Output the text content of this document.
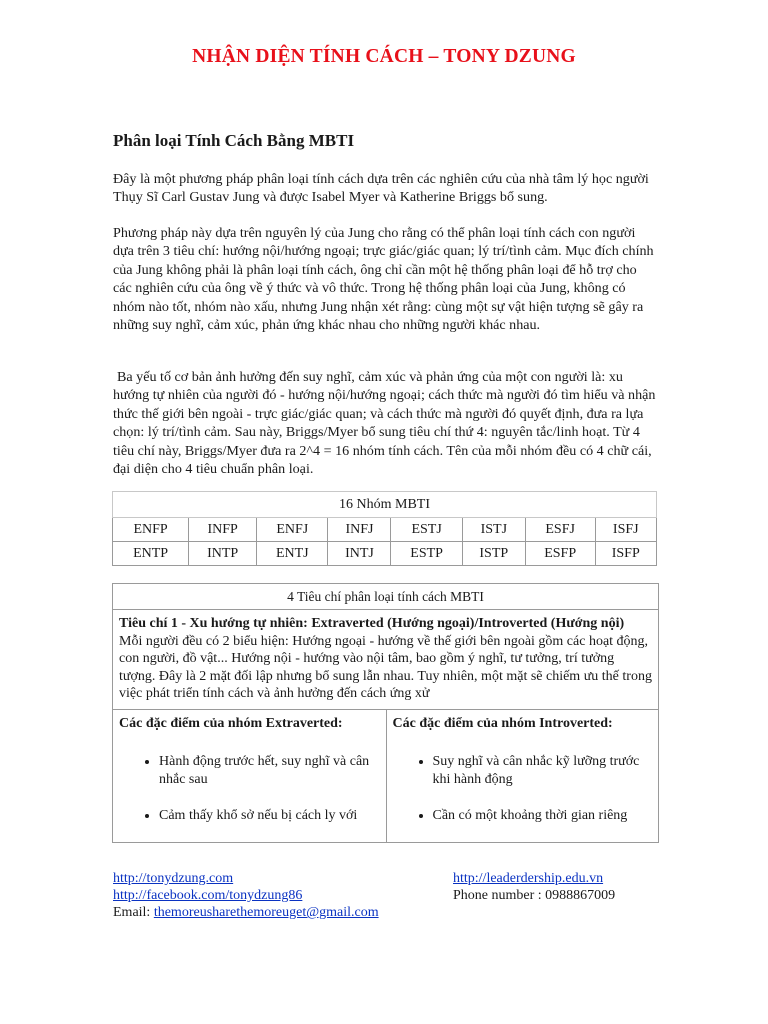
NHẬN DIỆN TÍNH CÁCH – TONY DZUNG
Phân loại Tính Cách Bằng MBTI
Đây là một phương pháp phân loại tính cách dựa trên các nghiên cứu của nhà tâm lý học người Thụy Sĩ Carl Gustav Jung và được Isabel Myer và Katherine Briggs bổ sung.
Phương pháp này dựa trên nguyên lý của Jung cho rằng có thể phân loại tính cách con người dựa trên 3 tiêu chí: hướng nội/hướng ngoại; trực giác/giác quan; lý trí/tình cảm. Mục đích chính của Jung không phải là phân loại tính cách, ông chỉ cần một hệ thống phân loại để hỗ trợ cho các nghiên cứu của ông về ý thức và vô thức. Trong hệ thống phân loại của Jung, không có nhóm nào tốt, nhóm nào xấu, nhưng Jung nhận xét rằng: cùng một sự vật hiện tượng sẽ gây ra những suy nghĩ, cảm xúc, phản ứng khác nhau cho những người khác nhau.
Ba yếu tố cơ bản ảnh hưởng đến suy nghĩ, cảm xúc và phản ứng của một con người là: xu hướng tự nhiên của người đó - hướng nội/hướng ngoại; cách thức mà người đó tìm hiểu và nhận thức thế giới bên ngoài - trực giác/giác quan; và cách thức mà người đó quyết định, đưa ra lựa chọn: lý trí/tình cảm. Sau này, Briggs/Myer bổ sung tiêu chí thứ 4: nguyên tắc/linh hoạt. Từ 4 tiêu chí này, Briggs/Myer đưa ra 2^4 = 16 nhóm tính cách. Tên của mỗi nhóm đều có 4 chữ cái, đại diện cho 4 tiêu chuẩn phân loại.
16 Nhóm MBTI							
ENFP	INFP	ENFJ	INFJ	ESTJ	ISTJ	ESFJ	ISFJ
ENTP	INTP	ENTJ	INTJ	ESTP	ISTP	ESFP	ISFP
4 Tiêu chí phân loại tính cách MBTI
Tiêu chí 1 - Xu hướng tự nhiên: Extraverted (Hướng ngoại)/Introverted (Hướng nội)
Mỗi người đều có 2 biểu hiện: Hướng ngoại - hướng về thế giới bên ngoài gồm các hoạt động, con người, đồ vật... Hướng nội - hướng vào nội tâm, bao gồm ý nghĩ, tư tưởng, trí tưởng tượng. Đây là 2 mặt đối lập nhưng bổ sung lẫn nhau. Tuy nhiên, một mặt sẽ chiếm ưu thế trong việc phát triển tính cách và ảnh hưởng đến cách ứng xử
Các đặc điểm của nhóm Extraverted:
• Hành động trước hết, suy nghĩ và cân nhắc sau
• Cảm thấy khổ sở nếu bị cách ly với
Các đặc điểm của nhóm Introverted:
• Suy nghĩ và cân nhắc kỹ lưỡng trước khi hành động
• Cần có một khoảng thời gian riêng
http://tonydzung.com
http://facebook.com/tonydzung86
Email: themoreusharethemoreuget@gmail.com
http://leaderdership.edu.vn
Phone number : 0988867009
